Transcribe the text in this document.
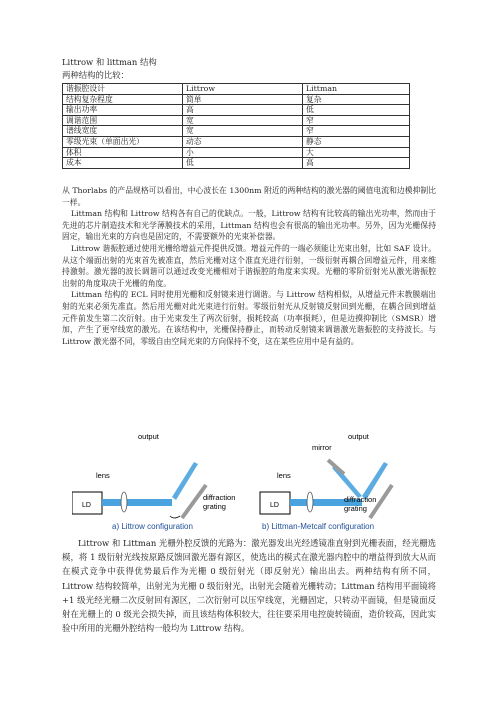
Littrow 和 littman 结构
两种结构的比较：
谐振腔设计	Littrow	Littman
结构复杂程度	简单	复杂
输出功率	高	低
调谐范围	宽	窄
谱线宽度	宽	窄
零级光束（单面出光）	动态	静态
体积	小	大
成本	低	高

从 Thorlabs 的产品规格可以看出，中心波长在 1300nm 附近的两种结构的激光器的阈值电流和边模抑制比一样。

Littman 结构和 Littrow 结构各有自己的优缺点。一般，Littrow 结构有比较高的输出光功率，然而由于先进的芯片制造技术和光学薄膜技术的采用，Littman 结构也会有很高的输出光功率。另外，因为光栅保持固定，输出光束的方向也是固定的，不需要额外的光束补偿器。

Littrow 谐振腔通过使用光栅给增益元件提供反馈。增益元件的一端必须能让光束出射，比如 SAF 设计。从这个端面出射的光束首先被准直，然后光栅对这个准直光进行衍射，一级衍射再耦合回增益元件，用来维持激射。激光器的波长调谐可以通过改变光栅相对于谐振腔的角度来实现。光栅的零阶衍射光从激光谐振腔出射的角度取决于光栅的角度。

Littman 结构的 ECL 同时使用光栅和反射镜来进行调谐。与 Littrow 结构相似，从增益元件末教膜端出射的光束必须先准直。然后用光栅对此光束进行衍射。零级衍射光从反射镜反射回到光栅，在耦合回到增益元件前发生第二次衍射。由于光束发生了两次衍射，损耗较高（功率损耗），但是边摸抑制比（SMSR）增加，产生了更窄线宽的激光。在该结构中，光栅保持静止，而转动反射镜来调谐激光谐振腔的支持波长。与 Littrow 激光器不同，零级自由空间光束的方向保持不变，这在某些应用中是有益的。

LD
lens
output
diffraction
grating	LD
lens
mirror
output
diffraction
grating
a) Littrow configuration	b) Littman-Metcalf configuration

Littrow 和 Littman 光栅外腔反馈的光路为：激光器发出光经透镜准直射到光栅表面，经光栅选模，将 1 级衍射光线按原路反馈回激光器有源区，使选出的模式在激光器内腔中的增益得到放大从而在模式竞争中获得优势最后作为光栅 0 级衍射光（即反射光）输出出去。两种结构有所不同，Littrow 结构较简单，出射光为光栅 0 级衍射光，出射光会随着光栅转动；Littman 结构用平面镜将+1 级光经光栅二次反射回有源区，二次衍射可以压窄线宽，光栅固定，只转动平面镜，但是镜面反射在光栅上的 0 级光会损失掉，而且该结构体积较大，往往要采用电控旋转镜面，造价较高，因此实验中所用的光栅外腔结构一般均为 Littrow 结构。
